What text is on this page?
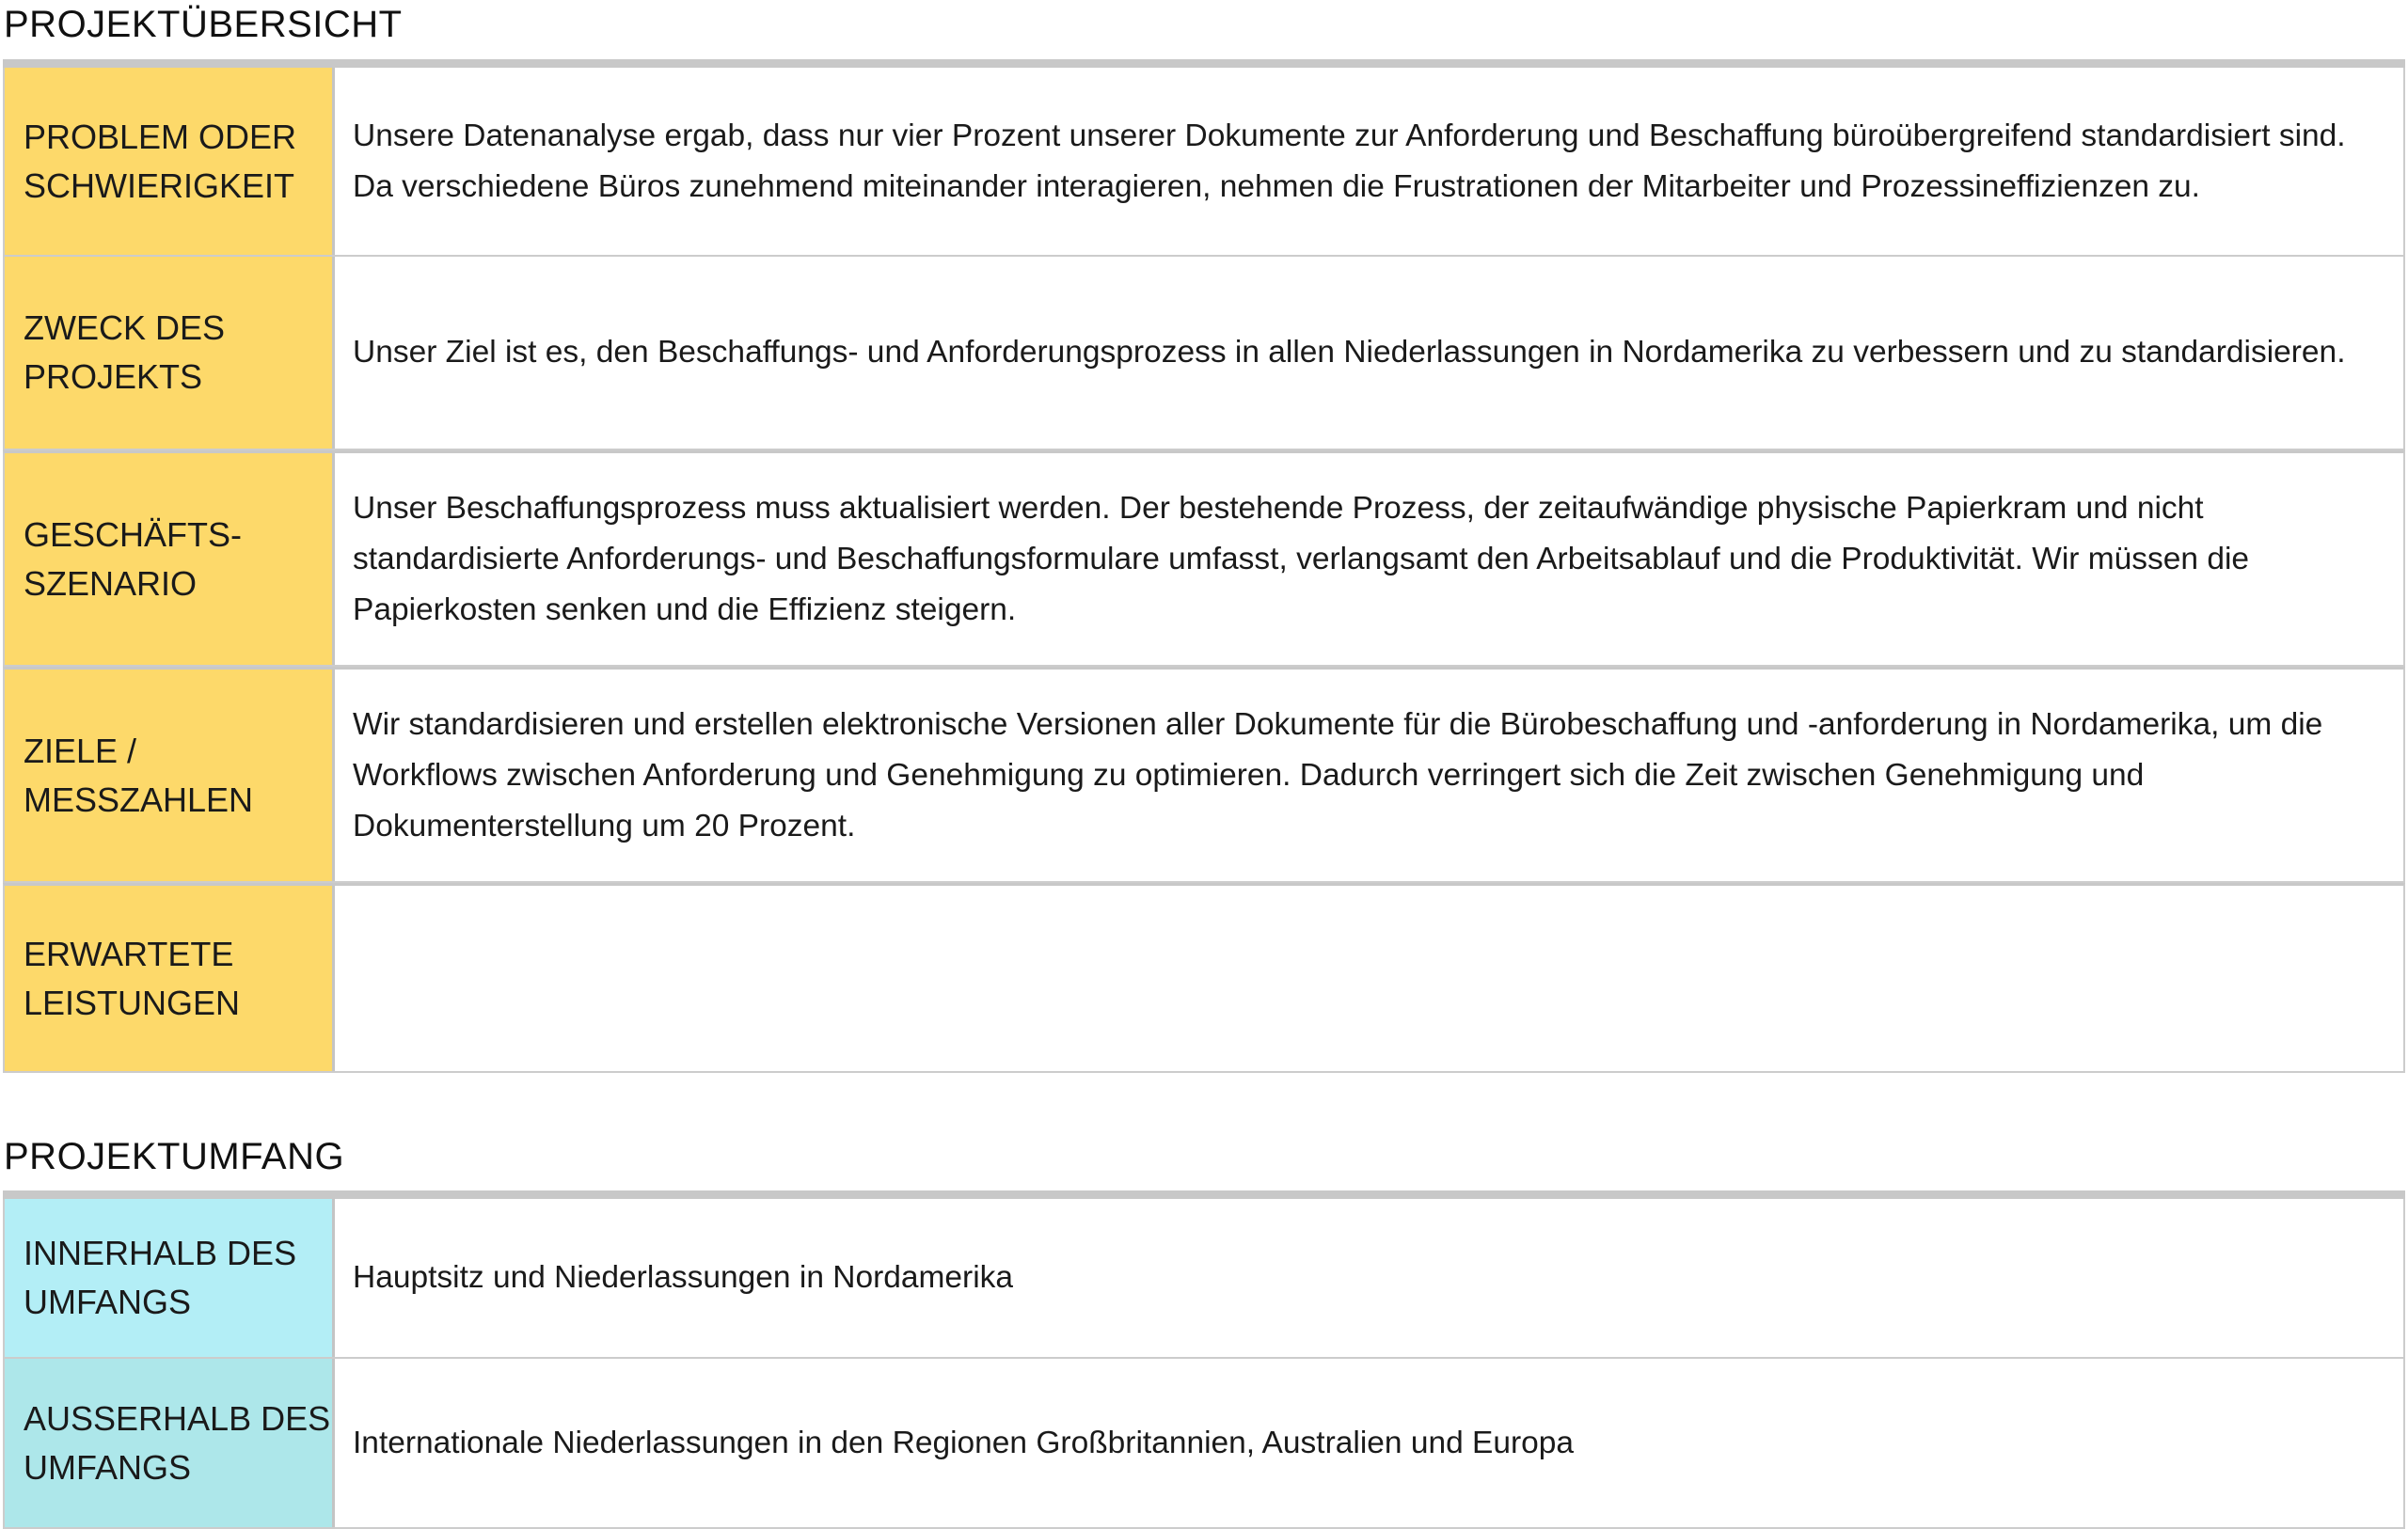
PROJEKTÜBERSICHT
PROBLEM ODER SCHWIERIGKEIT
Unsere Datenanalyse ergab, dass nur vier Prozent unserer Dokumente zur Anforderung und Beschaffung büroübergreifend standardisiert sind. Da verschiedene Büros zunehmend miteinander interagieren, nehmen die Frustrationen der Mitarbeiter und Prozessineffizienzen zu.
ZWECK DES PROJEKTS
Unser Ziel ist es, den Beschaffungs- und Anforderungsprozess in allen Niederlassungen in Nordamerika zu verbessern und zu standardisieren.
GESCHÄFTS- SZENARIO
Unser Beschaffungsprozess muss aktualisiert werden. Der bestehende Prozess, der zeitaufwändige physische Papierkram und nicht standardisierte Anforderungs- und Beschaffungsformulare umfasst, verlangsamt den Arbeitsablauf und die Produktivität. Wir müssen die Papierkosten senken und die Effizienz steigern.
ZIELE / MESSZAHLEN
Wir standardisieren und erstellen elektronische Versionen aller Dokumente für die Bürobeschaffung und -anforderung in Nordamerika, um die Workflows zwischen Anforderung und Genehmigung zu optimieren. Dadurch verringert sich die Zeit zwischen Genehmigung und Dokumenterstellung um 20 Prozent.
ERWARTETE LEISTUNGEN
PROJEKTUMFANG
INNERHALB DES UMFANGS
Hauptsitz und Niederlassungen in Nordamerika
AUSSERHALB DES UMFANGS
Internationale Niederlassungen in den Regionen Großbritannien, Australien und Europa
